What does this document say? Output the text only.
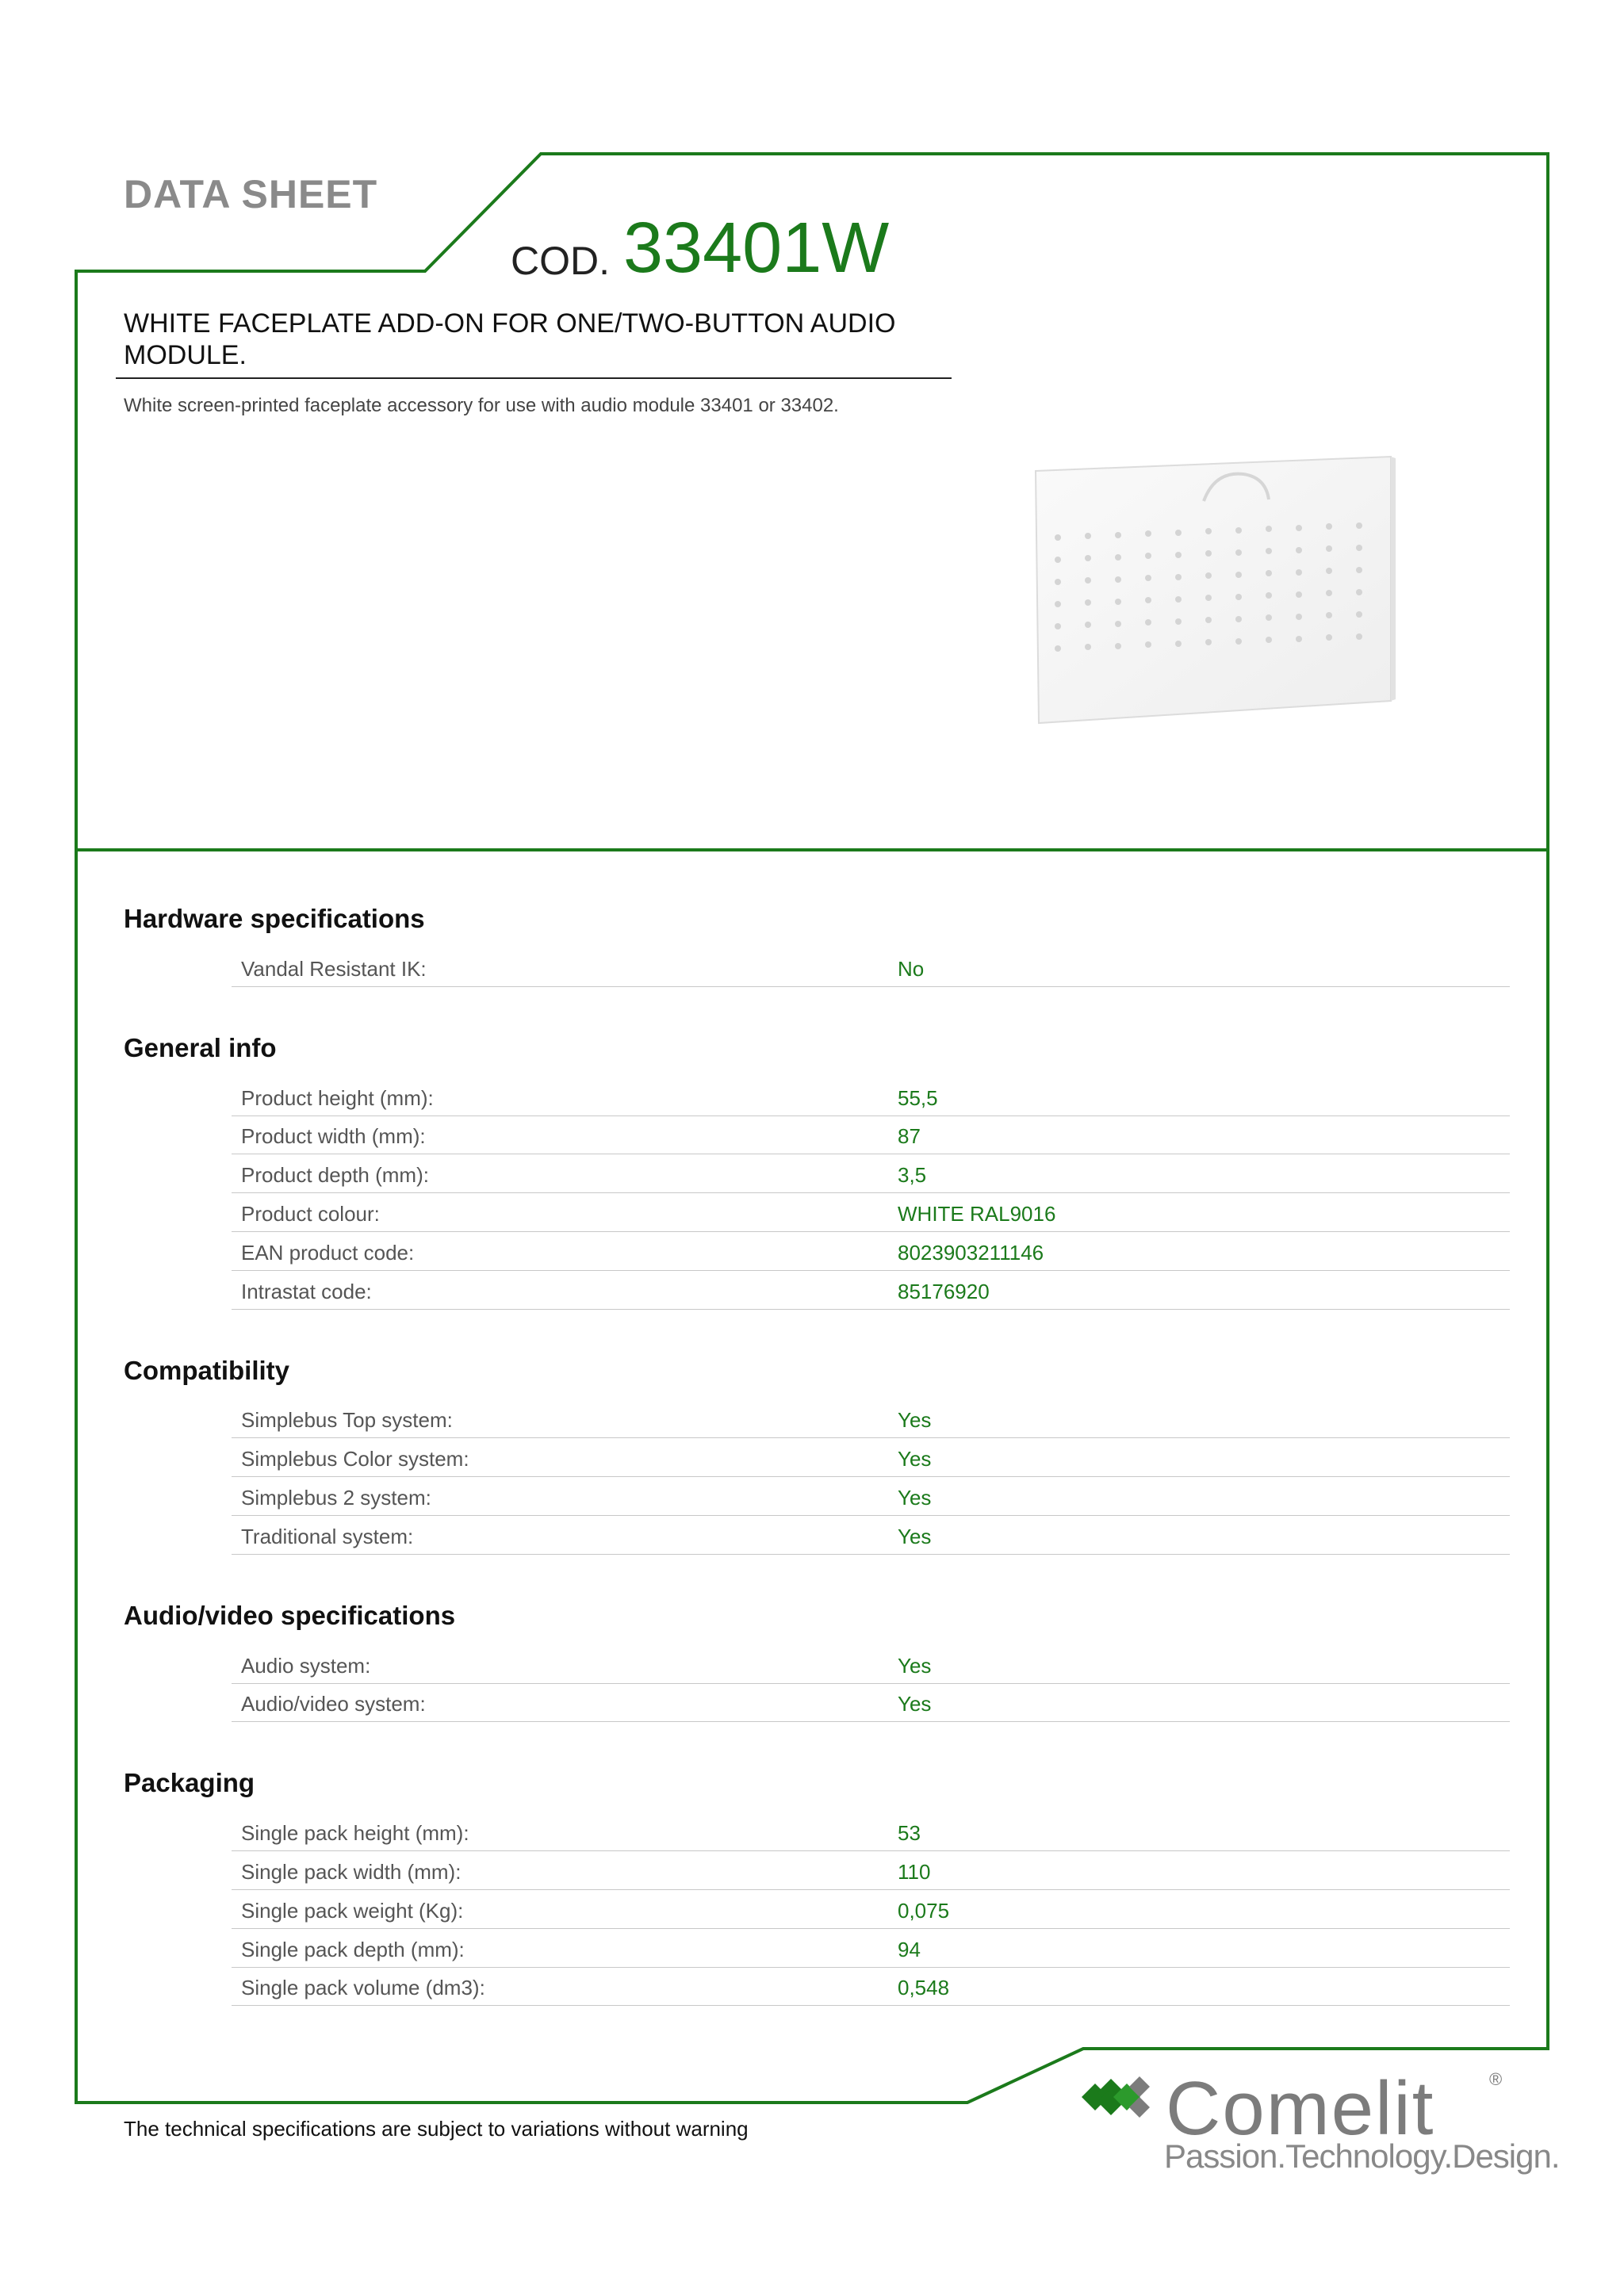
DATA SHEET
COD. 33401W
WHITE FACEPLATE ADD-ON FOR ONE/TWO-BUTTON AUDIO MODULE.
White screen-printed faceplate accessory for use with audio module 33401 or 33402.
Hardware specifications
Vandal Resistant IK:	No
General info
Product height (mm):	55,5
Product width (mm):	87
Product depth (mm):	3,5
Product colour:	WHITE RAL9016
EAN product code:	8023903211146
Intrastat code:	85176920
Compatibility
Simplebus Top system:	Yes
Simplebus Color system:	Yes
Simplebus 2 system:	Yes
Traditional system:	Yes
Audio/video specifications
Audio system:	Yes
Audio/video system:	Yes
Packaging
Single pack height (mm):	53
Single pack width (mm):	110
Single pack weight (Kg):	0,075
Single pack depth (mm):	94
Single pack volume (dm3):	0,548
The technical specifications are subject to variations without warning	Comelit	®
Passion.Technology.Design.
